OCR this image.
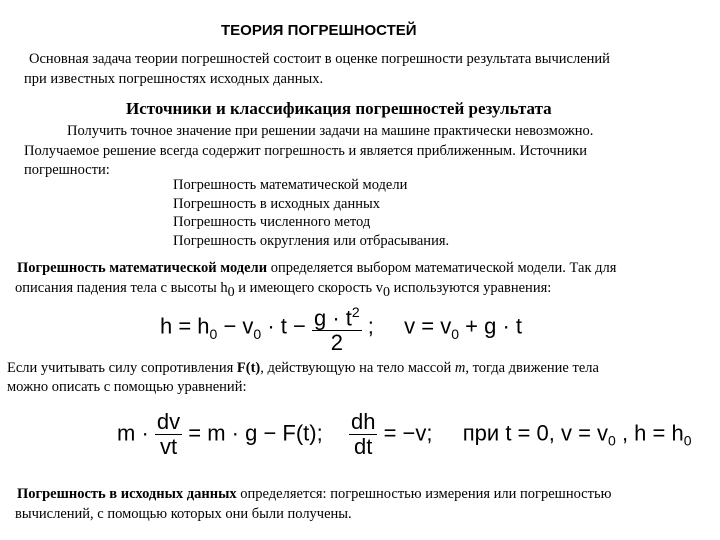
ТЕОРИЯ ПОГРЕШНОСТЕЙ
Основная задача теории погрешностей состоит в оценке погрешности результата вычислений
при известных погрешностях исходных данных.
Источники и классификация погрешностей результата
Получить точное значение при решении задачи на машине практически невозможно.
Получаемое решение всегда содержит погрешность и является приближенным. Источники
погрешности:
Погрешность математической модели
Погрешность в исходных данных
Погрешность численного метод
Погрешность округления или отбрасывания.
Погрешность математической модели определяется выбором математической модели. Так для
описания падения тела с высоты $h_0$ и имеющего скорость $v_0$ используются уравнения:
$h = h_0 - v_0 \cdot t - \frac{g \cdot t^2}{2}$ ; $v = v_0 + g \cdot t$
Если учитывать силу сопротивления F(t), действующую на тело массой m, тогда движение тела
можно описать с помощью уравнений:
$m \cdot \frac{dv}{vt} = m \cdot g - F(t)$; $\frac{dh}{dt} = -v$; при t = 0, $v = v_0$ , $h = h_0$
Погрешность в исходных данных определяется: погрешностью измерения или погрешностью
вычислений, с помощью которых они были получены.
